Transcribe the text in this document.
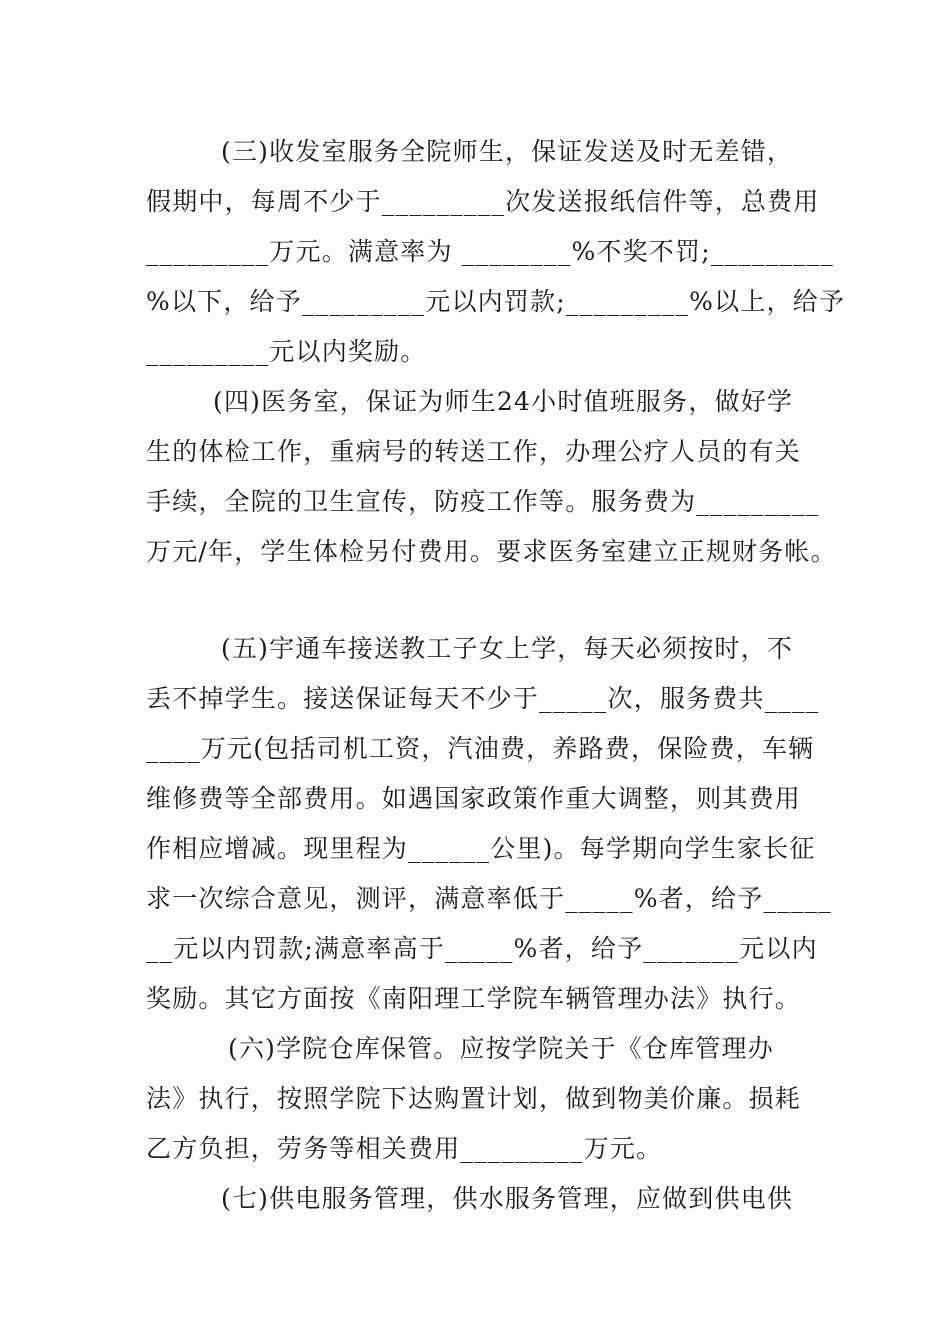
(三)收发室服务全院师生，保证发送及时无差错，
假期中，每周不少于_________次发送报纸信件等，总费用
_________万元。满意率为 ________%不奖不罚;_________
%以下，给予_________元以内罚款;_________%以上，给予
_________元以内奖励。
(四)医务室，保证为师生24小时值班服务，做好学
生的体检工作，重病号的转送工作，办理公疗人员的有关
手续，全院的卫生宣传，防疫工作等。服务费为_________
万元/年，学生体检另付费用。要求医务室建立正规财务帐。
(五)宇通车接送教工子女上学，每天必须按时，不
丢不掉学生。接送保证每天不少于_____次，服务费共____
____万元(包括司机工资，汽油费，养路费，保险费，车辆
维修费等全部费用。如遇国家政策作重大调整，则其费用
作相应增减。现里程为______公里)。每学期向学生家长征
求一次综合意见，测评，满意率低于_____%者，给予_____
__元以内罚款;满意率高于_____%者，给予_______元以内
奖励。其它方面按《南阳理工学院车辆管理办法》执行。
(六)学院仓库保管。应按学院关于《仓库管理办
法》执行，按照学院下达购置计划，做到物美价廉。损耗
乙方负担，劳务等相关费用_________万元。
(七)供电服务管理，供水服务管理，应做到供电供
